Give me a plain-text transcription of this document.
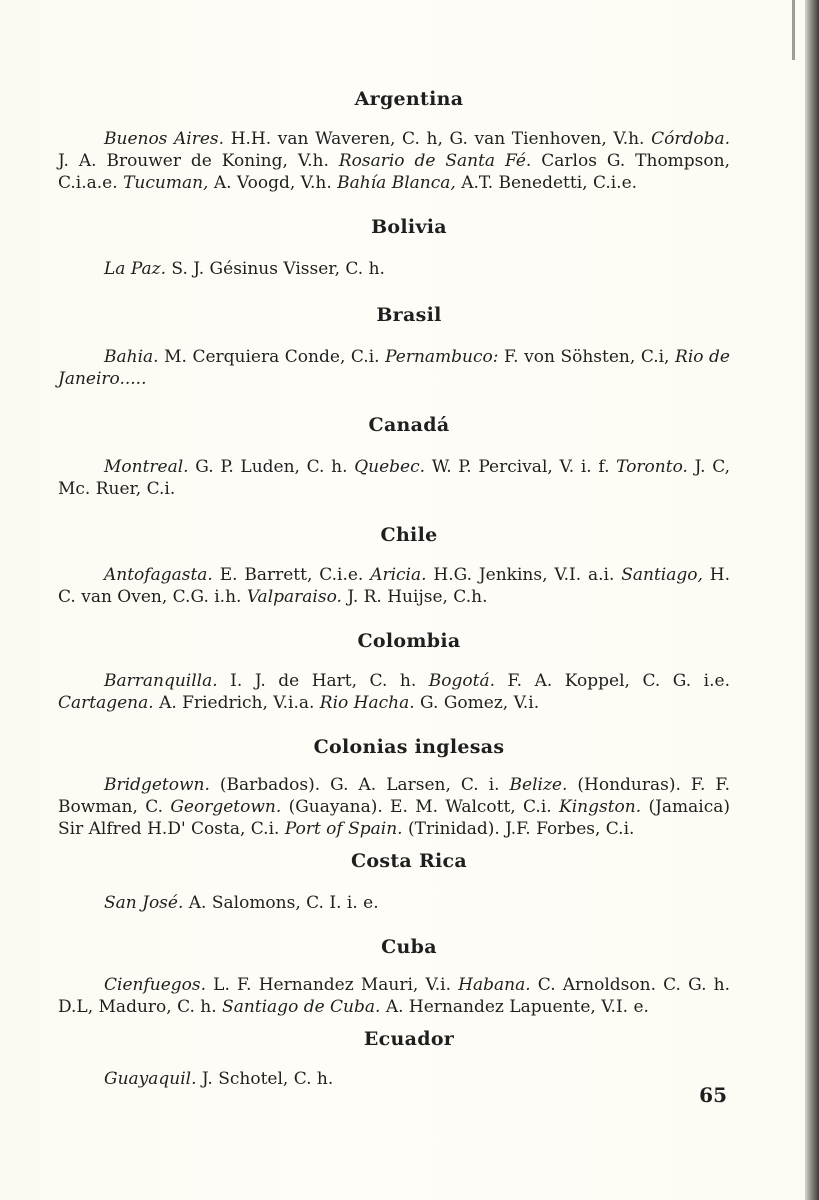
Argentina

Buenos Aires. H.H. van Waveren, C. h, G. van Tienhoven, V.h. Córdoba. J. A. Brouwer de Koning, V.h. Rosario de Santa Fé. Carlos G. Thompson, C.i.a.e. Tucuman, A. Voogd, V.h. Bahía Blanca, A.T. Benedetti, C.i.e.

Bolivia

La Paz. S. J. Gésinus Visser, C. h.

Brasil

Bahia. M. Cerquiera Conde, C.i. Pernambuco: F. von Söhsten, C.i, Rio de Janeiro.....

Canadá

Montreal. G. P. Luden, C. h. Quebec. W. P. Percival, V. i. f. Toronto. J. C, Mc. Ruer, C.i.

Chile

Antofagasta. E. Barrett, C.i.e. Aricia. H.G. Jenkins, V.I. a.i. Santiago, H. C. van Oven, C.G. i.h. Valparaiso. J. R. Huijse, C.h.

Colombia

Barranquilla. I. J. de Hart, C. h. Bogotá. F. A. Koppel, C. G. i.e. Cartagena. A. Friedrich, V.i.a. Rio Hacha. G. Gomez, V.i.

Colonias inglesas

Bridgetown. (Barbados). G. A. Larsen, C. i. Belize. (Honduras). F. F. Bowman, C. Georgetown. (Guayana). E. M. Walcott, C.i. Kingston. (Jamaica) Sir Alfred H.D' Costa, C.i. Port of Spain. (Trinidad). J.F. Forbes, C.i.

Costa Rica

San José. A. Salomons, C. I. i. e.

Cuba

Cienfuegos. L. F. Hernandez Mauri, V.i. Habana. C. Arnoldson. C. G. h. D.L, Maduro, C. h. Santiago de Cuba. A. Hernandez Lapuente, V.I. e.

Ecuador

Guayaquil. J. Schotel, C. h.

65
